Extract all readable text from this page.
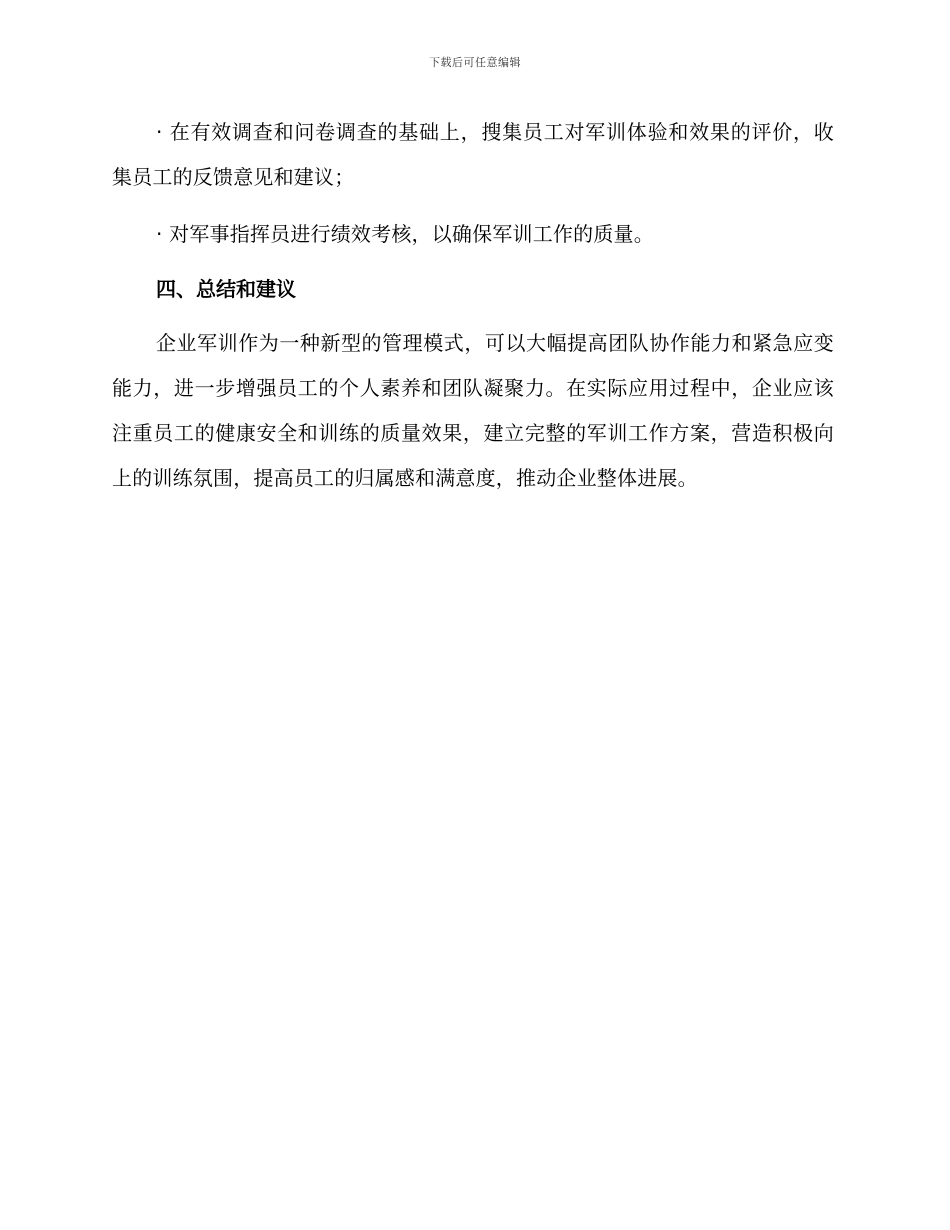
下载后可任意编辑

· 在有效调查和问卷调查的基础上，搜集员工对军训体验和效果的评价，收集员工的反馈意见和建议；

· 对军事指挥员进行绩效考核，以确保军训工作的质量。

四、总结和建议

企业军训作为一种新型的管理模式，可以大幅提高团队协作能力和紧急应变能力，进一步增强员工的个人素养和团队凝聚力。在实际应用过程中，企业应该注重员工的健康安全和训练的质量效果，建立完整的军训工作方案，营造积极向上的训练氛围，提高员工的归属感和满意度，推动企业整体进展。
